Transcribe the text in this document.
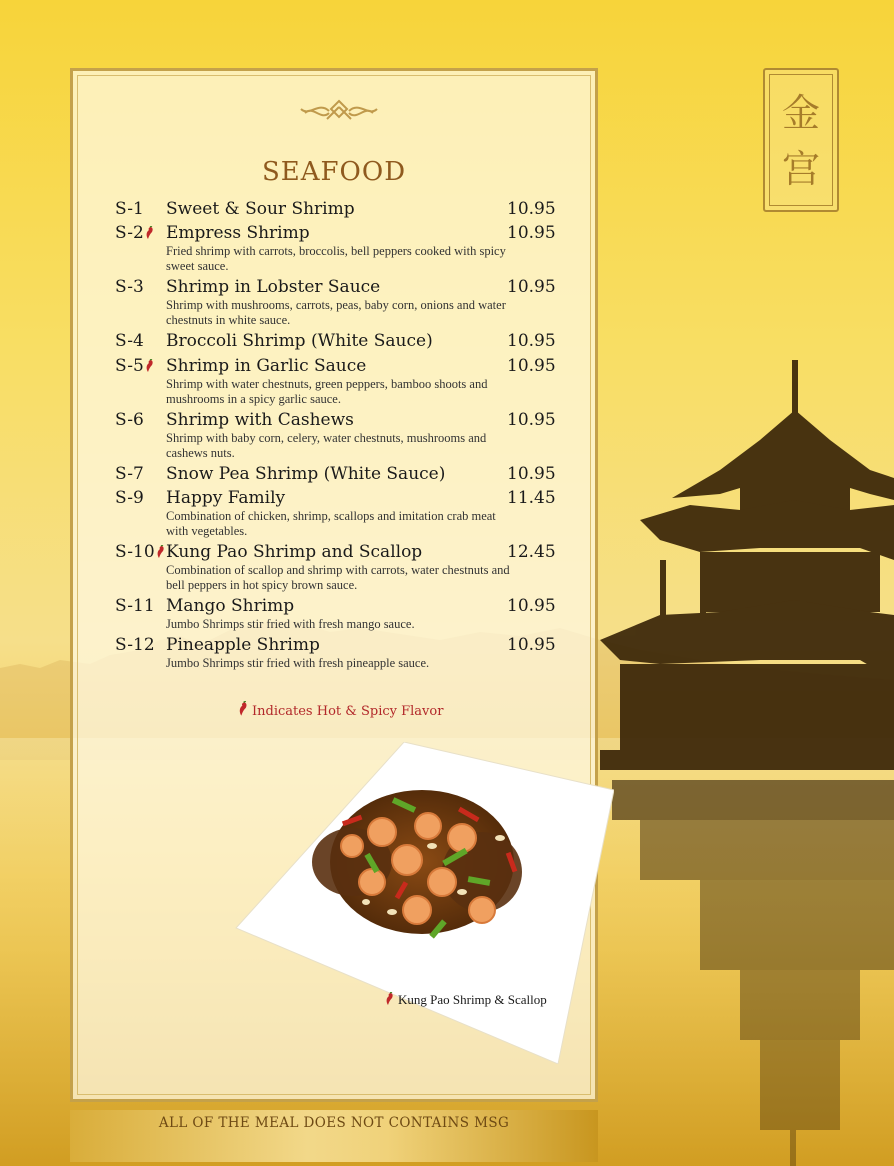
金
宫
SEAFOOD
S-1 Sweet & Sour Shrimp	10.95
S-2	Empress Shrimp	10.95
Fried shrimp with carrots, broccolis, bell peppers cooked with spicy sweet sauce.
S-3 Shrimp in Lobster Sauce	10.95
Shrimp with mushrooms, carrots, peas, baby corn, onions and water chestnuts in white sauce.
S-4 Broccoli Shrimp (White Sauce)	10.95
S-5	Shrimp in Garlic Sauce	10.95
Shrimp with water chestnuts, green peppers, bamboo shoots and mushrooms in a spicy garlic sauce.
S-6 Shrimp with Cashews	10.95
Shrimp with baby corn, celery, water chestnuts, mushrooms and cashews nuts.
S-7 Snow Pea Shrimp (White Sauce)	10.95
S-9 Happy Family	11.45
Combination of chicken, shrimp, scallops and imitation crab meat with vegetables.
S-10 Kung Pao Shrimp and Scallop	12.45
Combination of scallop and shrimp with carrots, water chestnuts and bell peppers in hot spicy brown sauce.
S-11 Mango Shrimp	10.95
Jumbo Shrimps stir fried with fresh mango sauce.
S-12 Pineapple Shrimp	10.95
Jumbo Shrimps stir fried with fresh pineapple sauce.
Indicates Hot & Spicy Flavor
Kung Pao Shrimp & Scallop
ALL OF THE MEAL DOES NOT CONTAINS MSG
